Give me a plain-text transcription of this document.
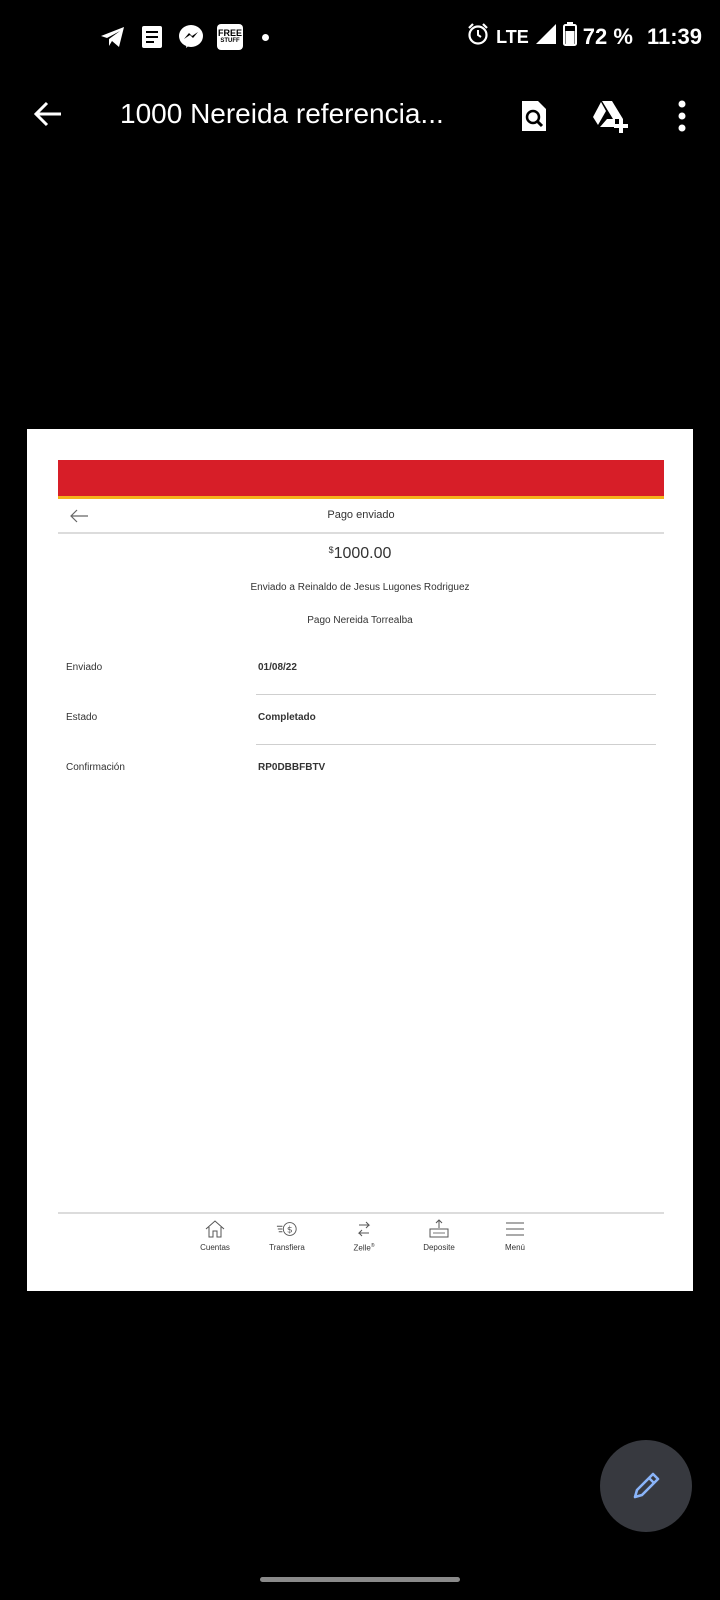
FREE
STUFF	LTE 72 % 11:39
1000 Nereida referencia...
Pago enviado
$1000.00
Enviado a Reinaldo de Jesus Lugones Rodriguez
Pago Nereida Torrealba
Enviado	01/08/22
Estado	Completado
Confirmación	RP0DBBFBTV
Cuentas
$
Transfiera	Zelle®	Deposite	Menú
